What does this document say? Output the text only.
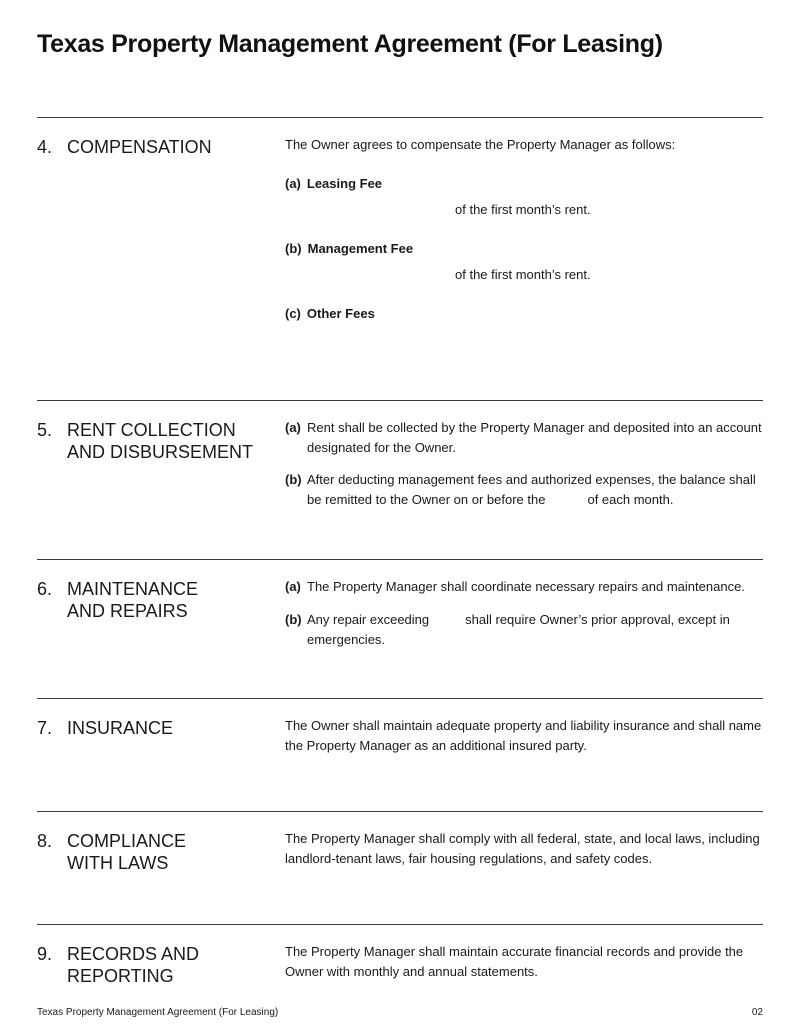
Texas Property Management Agreement (For Leasing)
4. COMPENSATION	The Owner agrees to compensate the Property Manager as follows:

(a) Leasing Fee
of the first month’s rent.
(b) Management Fee
of the first month’s rent.
(c) Other Fees
5. RENT COLLECTION
AND DISBURSEMENT
(a) Rent shall be collected by the Property Manager and deposited into an account designated for the Owner.
(b) After deducting management fees and authorized expenses, the balance shall be remitted to the Owner on or before the	of each month.
6. MAINTENANCE
AND REPAIRS
(a) The Property Manager shall coordinate necessary repairs and maintenance.
(b) Any repair exceeding	shall require Owner’s prior approval, except in emergencies.
7. INSURANCE	The Owner shall maintain adequate property and liability insurance and shall name the Property Manager as an additional insured party.

8. COMPLIANCE
WITH LAWS

The Property Manager shall comply with all federal, state, and local laws, including landlord-tenant laws, fair housing regulations, and safety codes.

9. RECORDS AND
REPORTING

The Property Manager shall maintain accurate financial records and provide the Owner with monthly and annual statements.

Texas Property Management Agreement (For Leasing)	02
